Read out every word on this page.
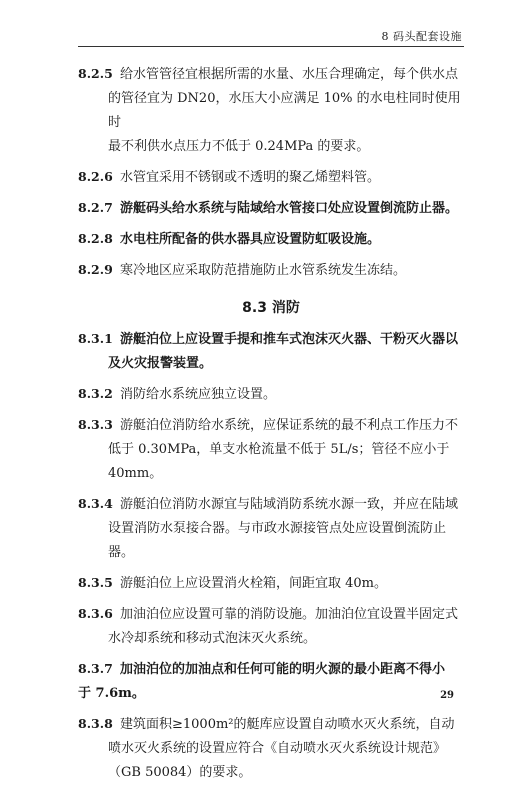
8 码头配套设施
8.2.5 给水管管径宜根据所需的水量、水压合理确定，每个供水点
的管径宜为 DN20，水压大小应满足 10% 的水电柱同时使用时
最不利供水点压力不低于 0.24MPa 的要求。
8.2.6 水管宜采用不锈钢或不透明的聚乙烯塑料管。
8.2.7 游艇码头给水系统与陆域给水管接口处应设置倒流防止器。
8.2.8 水电柱所配备的供水器具应设置防虹吸设施。
8.2.9 寒冷地区应采取防范措施防止水管系统发生冻结。
8.3 消防
8.3.1 游艇泊位上应设置手提和推车式泡沫灭火器、干粉灭火器以
及火灾报警装置。
8.3.2 消防给水系统应独立设置。
8.3.3 游艇泊位消防给水系统，应保证系统的最不利点工作压力不
低于 0.30MPa，单支水枪流量不低于 5L/s；管径不应小于 40mm。
8.3.4 游艇泊位消防水源宜与陆域消防系统水源一致，并应在陆域
设置消防水泵接合器。与市政水源接管点处应设置倒流防止器。
8.3.5 游艇泊位上应设置消火栓箱，间距宜取 40m。
8.3.6 加油泊位应设置可靠的消防设施。加油泊位宜设置半固定式
水冷却系统和移动式泡沫灭火系统。
8.3.7 加油泊位的加油点和任何可能的明火源的最小距离不得小
于 7.6m。
8.3.8 建筑面积≥1000m²的艇库应设置自动喷水灭火系统，自动
喷水灭火系统的设置应符合《自动喷水灭火系统设计规范》
（GB 50084）的要求。
29
